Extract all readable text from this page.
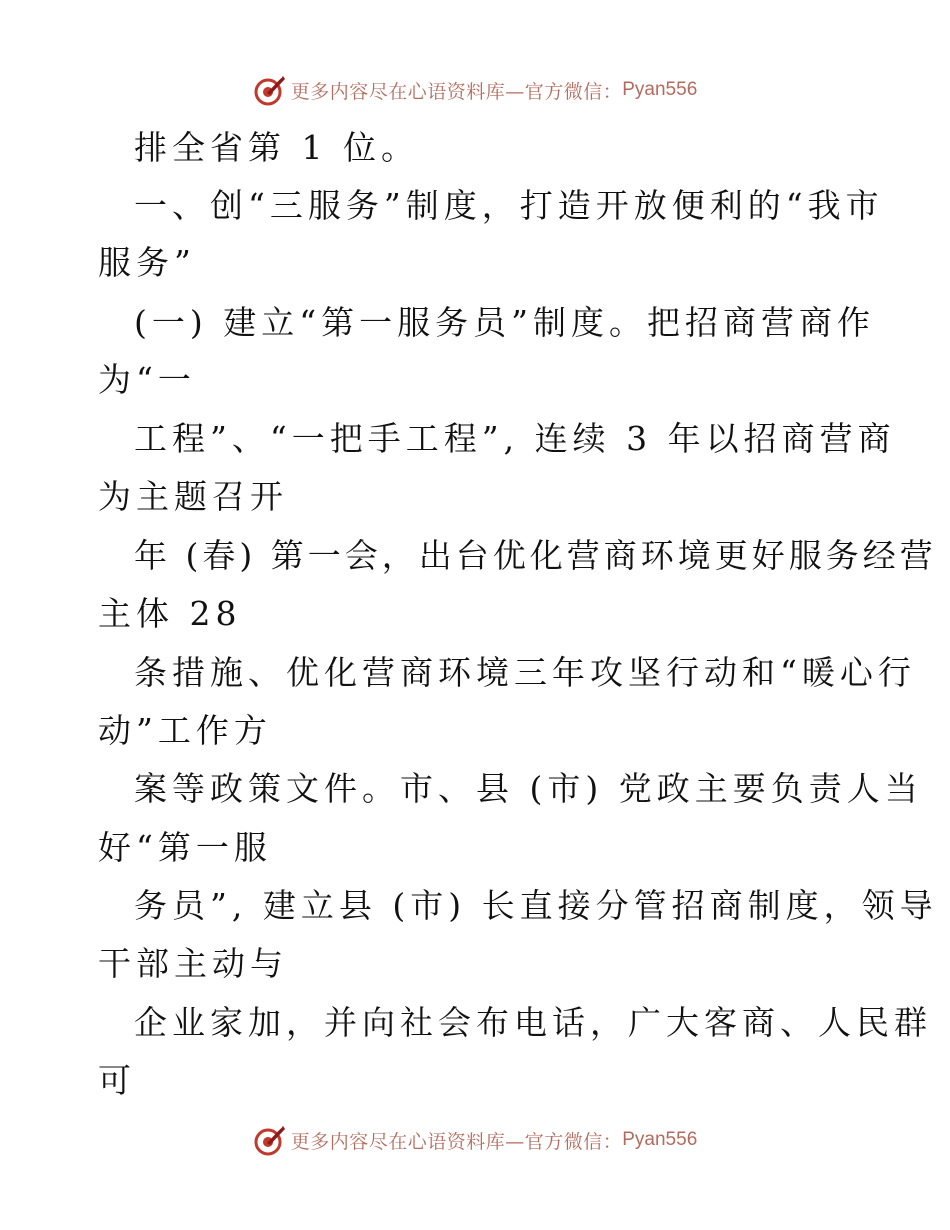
更多内容尽在心语资料库—官方微信： Pyan556
排全省第 1 位。
一、创“三服务”制度，打造开放便利的“我市
服务”
(一) 建立“第一服务员”制度。把招商营商作
为“一
工程”、“一把手工程”, 连续 3 年以招商营商
为主题召开
年 (春) 第一会，出台优化营商环境更好服务经营
主体 28
条措施、优化营商环境三年攻坚行动和“暖心行
动”工作方
案等政策文件。市、县 (市) 党政主要负责人当
好“第一服
务员”, 建立县 (市) 长直接分管招商制度，领导
干部主动与
企业家加，并向社会布电话，广大客商、人民群
可
更多内容尽在心语资料库—官方微信： Pyan556
